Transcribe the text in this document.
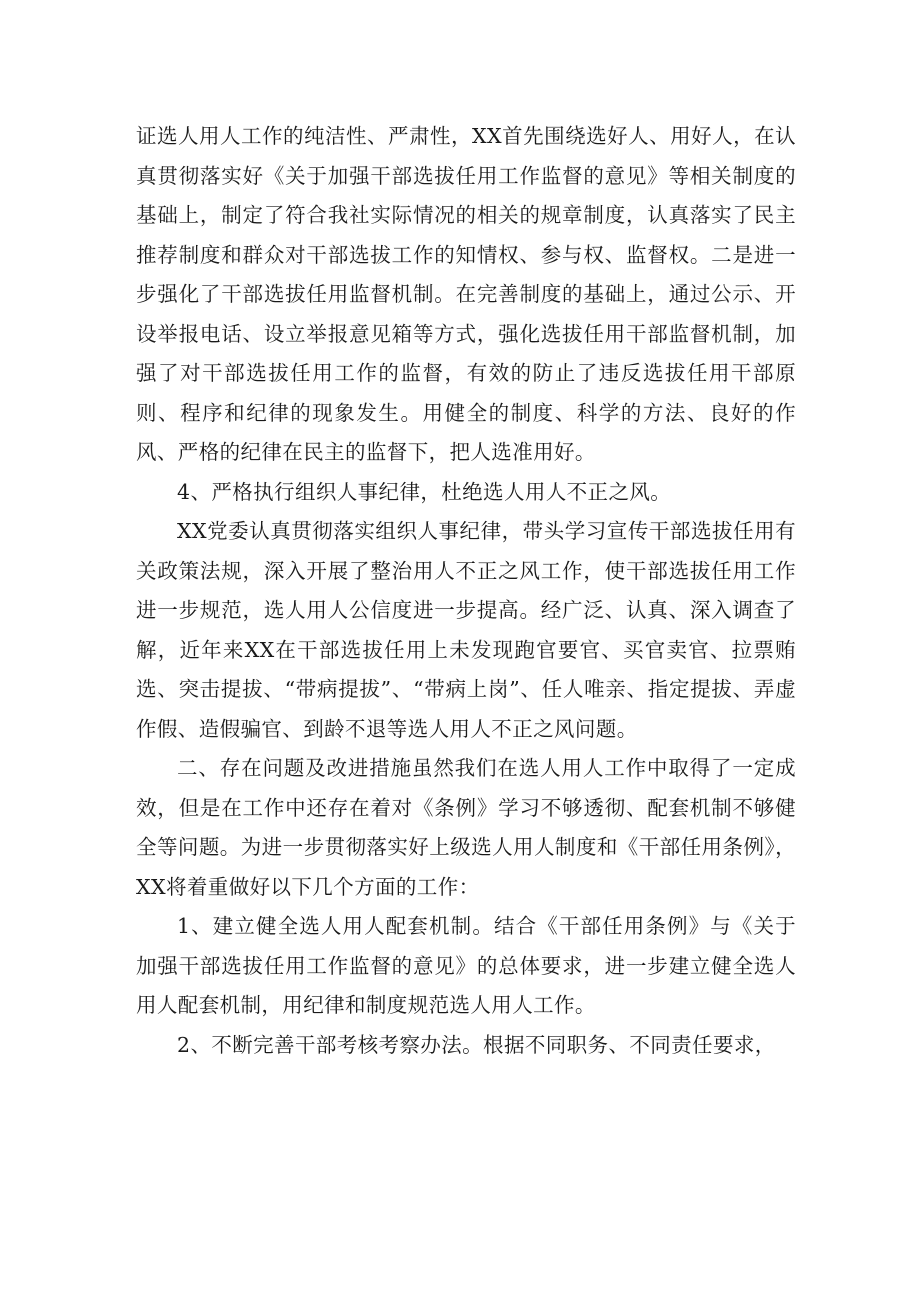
证选人用人工作的纯洁性、严肃性，XX首先围绕选好人、用好人，在认真贯彻落实好《关于加强干部选拔任用工作监督的意见》等相关制度的基础上，制定了符合我社实际情况的相关的规章制度，认真落实了民主推荐制度和群众对干部选拔工作的知情权、参与权、监督权。二是进一步强化了干部选拔任用监督机制。在完善制度的基础上，通过公示、开设举报电话、设立举报意见箱等方式，强化选拔任用干部监督机制，加强了对干部选拔任用工作的监督，有效的防止了违反选拔任用干部原则、程序和纪律的现象发生。用健全的制度、科学的方法、良好的作风、严格的纪律在民主的监督下，把人选准用好。

4、严格执行组织人事纪律，杜绝选人用人不正之风。

XX党委认真贯彻落实组织人事纪律，带头学习宣传干部选拔任用有关政策法规，深入开展了整治用人不正之风工作，使干部选拔任用工作进一步规范，选人用人公信度进一步提高。经广泛、认真、深入调查了解，近年来XX在干部选拔任用上未发现跑官要官、买官卖官、拉票贿选、突击提拔、“带病提拔”、“带病上岗”、任人唯亲、指定提拔、弄虚作假、造假骗官、到龄不退等选人用人不正之风问题。

二、存在问题及改进措施虽然我们在选人用人工作中取得了一定成效，但是在工作中还存在着对《条例》学习不够透彻、配套机制不够健全等问题。为进一步贯彻落实好上级选人用人制度和《干部任用条例》，XX将着重做好以下几个方面的工作：

1、建立健全选人用人配套机制。结合《干部任用条例》与《关于加强干部选拔任用工作监督的意见》的总体要求，进一步建立健全选人用人配套机制，用纪律和制度规范选人用人工作。

2、不断完善干部考核考察办法。根据不同职务、不同责任要求，
